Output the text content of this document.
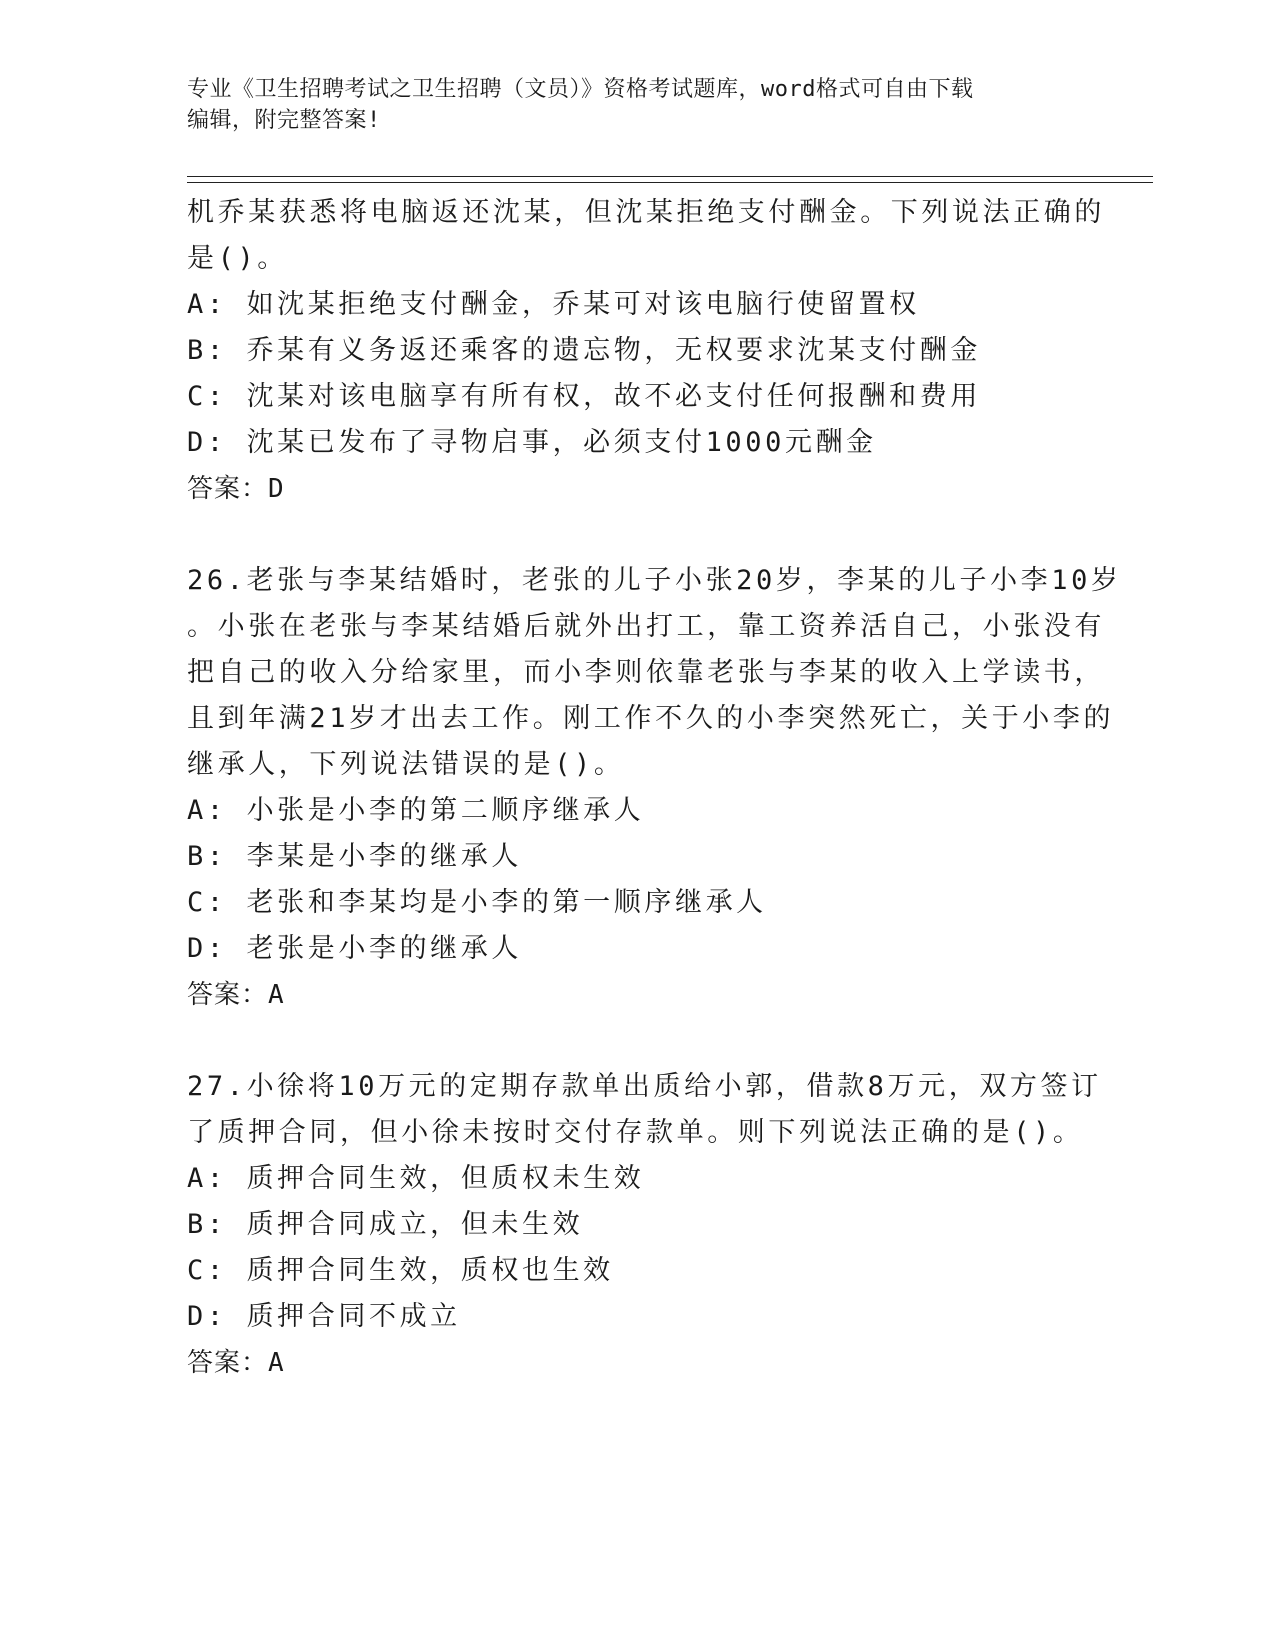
专业《卫生招聘考试之卫生招聘（文员）》资格考试题库，word格式可自由下载
编辑，附完整答案!
机乔某获悉将电脑返还沈某，但沈某拒绝支付酬金。下列说法正确的
是()。
A: 如沈某拒绝支付酬金，乔某可对该电脑行使留置权
B: 乔某有义务返还乘客的遗忘物，无权要求沈某支付酬金
C: 沈某对该电脑享有所有权，故不必支付任何报酬和费用
D: 沈某已发布了寻物启事，必须支付1000元酬金
答案：D
26.老张与李某结婚时，老张的儿子小张20岁，李某的儿子小李10岁
。小张在老张与李某结婚后就外出打工，靠工资养活自己，小张没有
把自己的收入分给家里，而小李则依靠老张与李某的收入上学读书，
且到年满21岁才出去工作。刚工作不久的小李突然死亡，关于小李的
继承人，下列说法错误的是()。
A: 小张是小李的第二顺序继承人
B: 李某是小李的继承人
C: 老张和李某均是小李的第一顺序继承人
D: 老张是小李的继承人
答案：A
27.小徐将10万元的定期存款单出质给小郭，借款8万元，双方签订
了质押合同，但小徐未按时交付存款单。则下列说法正确的是()。
A: 质押合同生效，但质权未生效
B: 质押合同成立，但未生效
C: 质押合同生效，质权也生效
D: 质押合同不成立
答案：A
